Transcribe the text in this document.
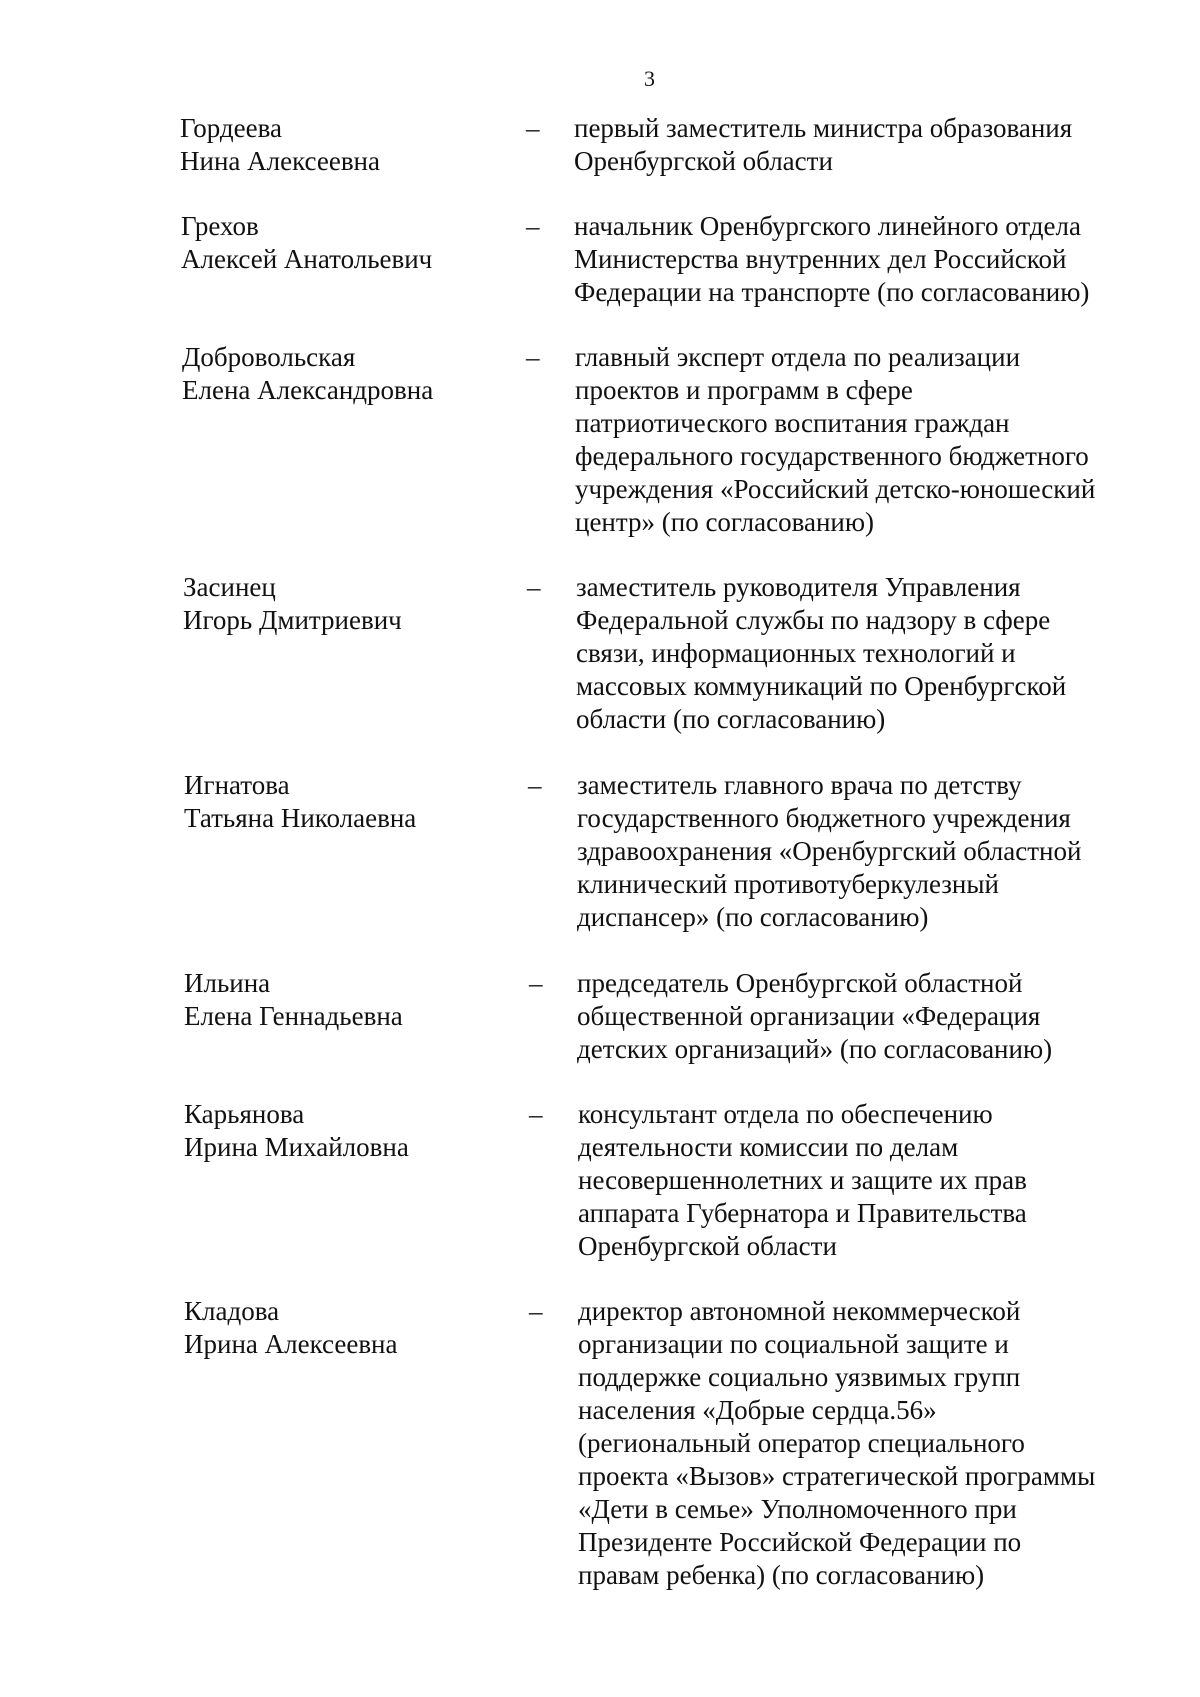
3
Гордеева
Нина Алексеевна
– первый заместитель министра образования
Оренбургской области
Грехов
Алексей Анатольевич
– начальник Оренбургского линейного отдела
Министерства внутренних дел Российской
Федерации на транспорте (по согласованию)
Добровольская
Елена Александровна
– главный эксперт отдела по реализации
проектов и программ в сфере
патриотического воспитания граждан
федерального государственного бюджетного
учреждения «Российский детско-юношеский
центр» (по согласованию)
Засинец
Игорь Дмитриевич
– заместитель руководителя Управления
Федеральной службы по надзору в сфере
связи, информационных технологий и
массовых коммуникаций по Оренбургской
области (по согласованию)
Игнатова
Татьяна Николаевна
– заместитель главного врача по детству
государственного бюджетного учреждения
здравоохранения «Оренбургский областной
клинический противотуберкулезный
диспансер» (по согласованию)
Ильина
Елена Геннадьевна
– председатель Оренбургской областной
общественной организации «Федерация
детских организаций» (по согласованию)
Карьянова
Ирина Михайловна
– консультант отдела по обеспечению
деятельности комиссии по делам
несовершеннолетних и защите их прав
аппарата Губернатора и Правительства
Оренбургской области
Кладова
Ирина Алексеевна
– директор автономной некоммерческой
организации по социальной защите и
поддержке социально уязвимых групп
населения «Добрые сердца.56»
(региональный оператор специального
проекта «Вызов» стратегической программы
«Дети в семье» Уполномоченного при
Президенте Российской Федерации по
правам ребенка) (по согласованию)
